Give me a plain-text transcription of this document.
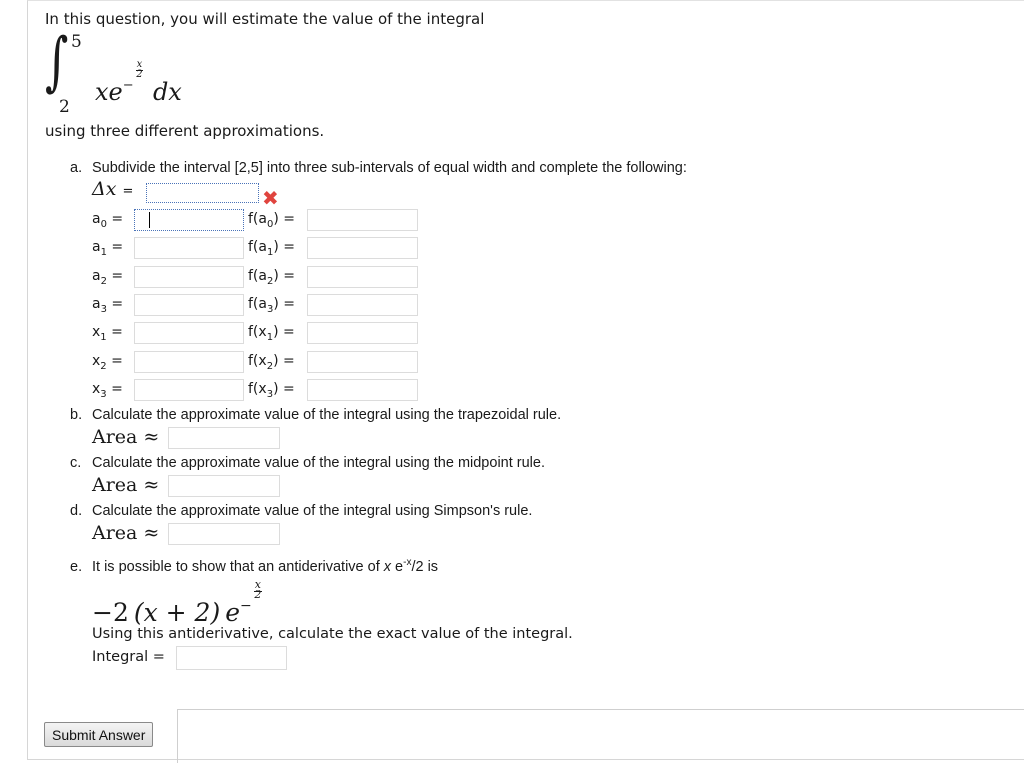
In this question, you will estimate the value of the integral
∫ 5
2
$xe^{-\frac{x}{2}}$ dx
using three different approximations.
a. Subdivide the interval [2,5] into three sub-intervals of equal width and complete the following:
Δx =	✖
$a_0$ =
$a_1$ =
$a_2$ =
$a_3$ =
$x_1$ =
$x_2$ =
$x_3$ =
$f(a_0)$ =
$f(a_1)$ =
$f(a_2)$ =
$f(a_3)$ =
$f(x_1)$ =
$f(x_2)$ =
$f(x_3)$ =
b. Calculate the approximate value of the integral using the trapezoidal rule.
Area ≈
c. Calculate the approximate value of the integral using the midpoint rule.
Area ≈
d. Calculate the approximate value of the integral using Simpson's rule.
Area ≈
e. It is possible to show that an antiderivative of x $e^{-x}/2$ is
−2  (x + 2)  $e^{-x 2}$
Using this antiderivative, calculate the exact value of the integral.
Integral =
Submit Answer
